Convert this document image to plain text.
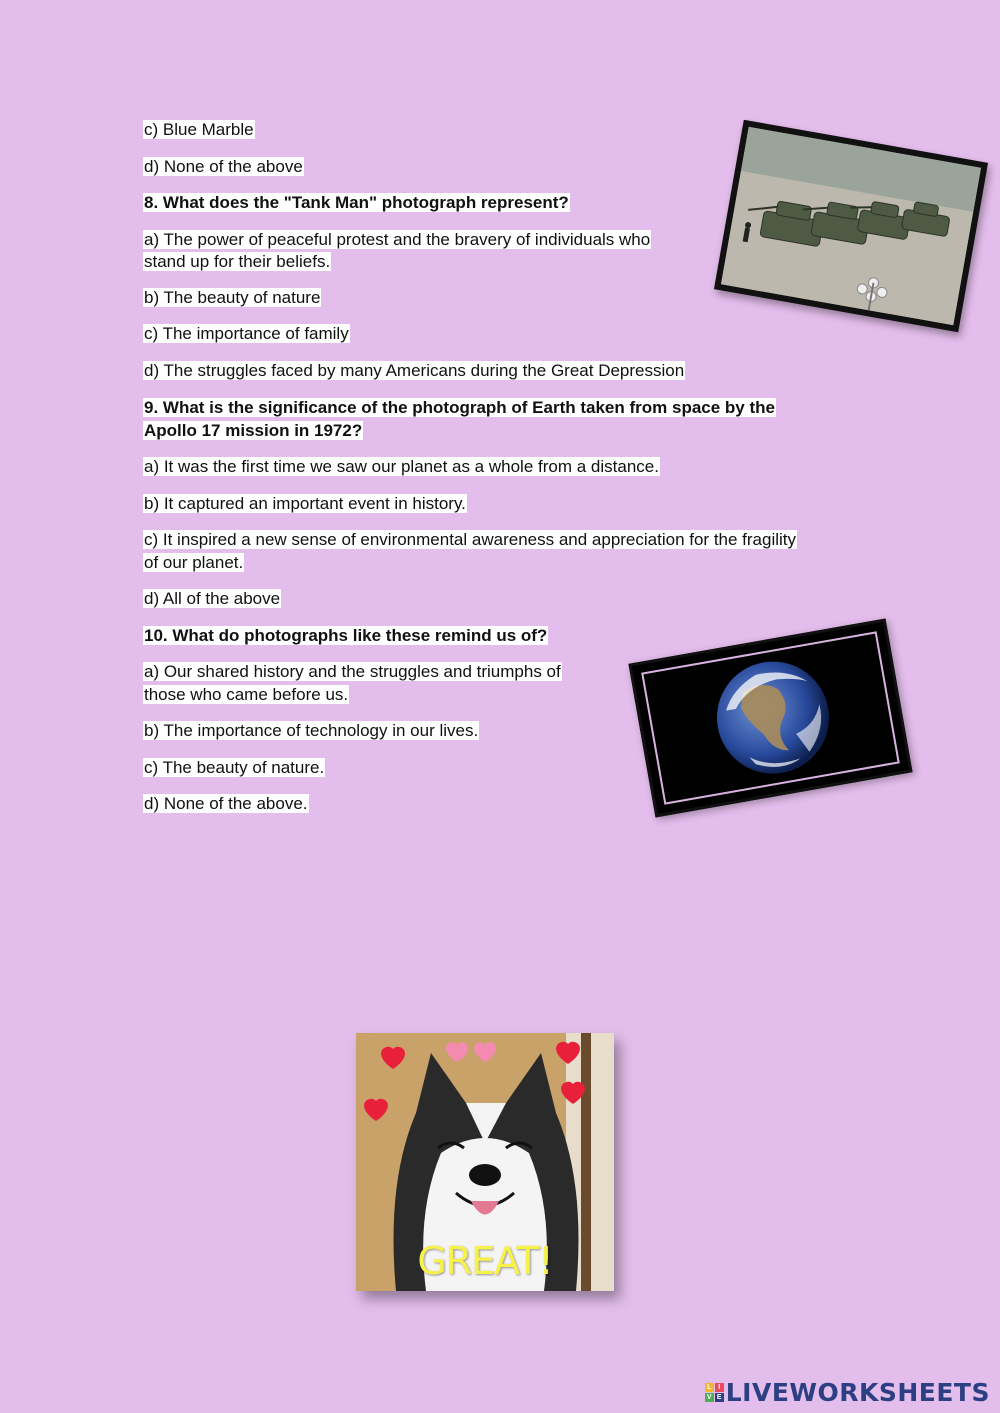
c) Blue Marble

d) None of the above

8. What does the "Tank Man" photograph represent?

a) The power of peaceful protest and the bravery of individuals who

stand up for their beliefs.

b) The beauty of nature

c) The importance of family

d) The struggles faced by many Americans during the Great Depression

9. What is the significance of the photograph of Earth taken from space by the

Apollo 17 mission in 1972?

a) It was the first time we saw our planet as a whole from a distance.

b) It captured an important event in history.

c) It inspired a new sense of environmental awareness and appreciation for the fragility

of our planet.

d) All of the above

10. What do photographs like these remind us of?

a) Our shared history and the struggles and triumphs of

those who came before us.

b) The importance of technology in our lives.

c) The beauty of nature.

d) None of the above.

GREAT!
L I
V E LIVEWORKSHEETS
